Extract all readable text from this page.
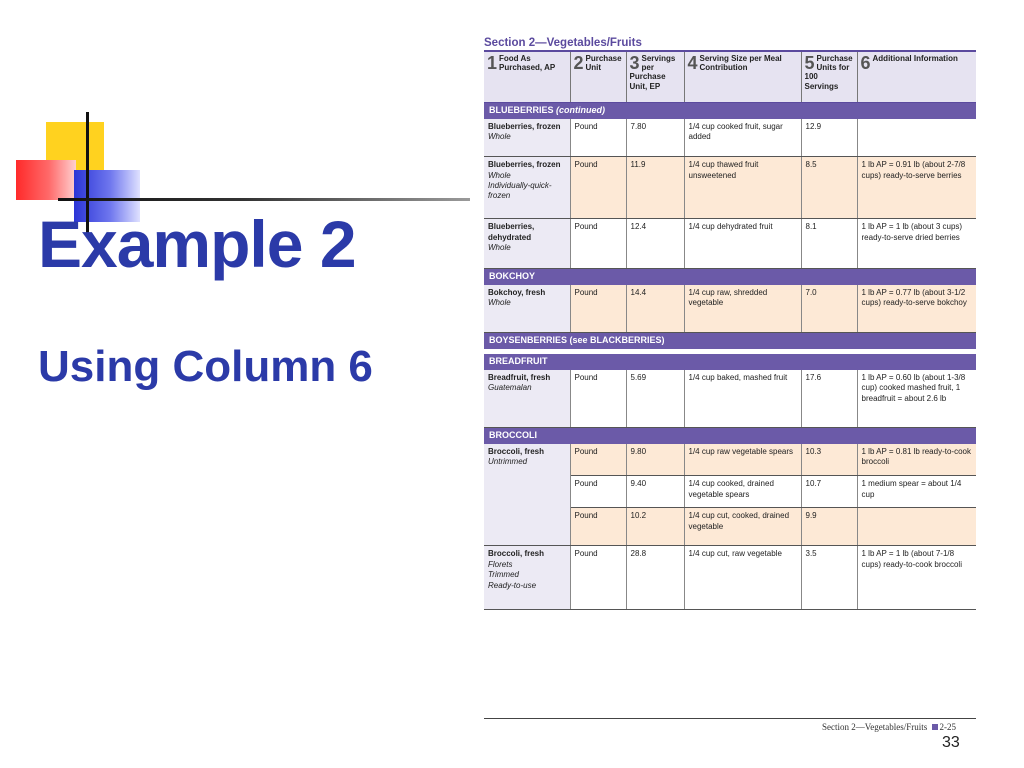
Example 2
Using Column 6
Section 2—Vegetables/Fruits
1 Food As Purchased, AP	2 Purchase Unit	3 Servings per Purchase Unit, EP	4 Serving Size per Meal Contribution	5 Purchase Units for 100 Servings	6 Additional Information
BLUEBERRIES (continued)					

Blueberries, frozen
Whole	Pound	7.80	1/4 cup cooked fruit, sugar added	12.9	

Blueberries, frozen
Whole
Individually-quick-frozen	Pound	11.9	1/4 cup thawed fruit unsweetened	8.5	1 lb AP = 0.91 lb (about 2-7/8 cups) ready-to-serve berries

Blueberries, dehydrated
Whole	Pound	12.4	1/4 cup dehydrated fruit	8.1	1 lb AP = 1 lb (about 3 cups) ready-to-serve dried berries
BOKCHOY					

Bokchoy, fresh
Whole	Pound	14.4	1/4 cup raw, shredded vegetable	7.0	1 lb AP = 0.77 lb (about 3-1/2 cups) ready-to-serve bokchoy
BOYSENBERRIES (see BLACKBERRIES)					
BREADFRUIT					

Breadfruit, fresh
Guatemalan	Pound	5.69	1/4 cup baked, mashed fruit	17.6	1 lb AP = 0.60 lb (about 1-3/8 cup) cooked mashed fruit, 1 breadfruit = about 2.6 lb
BROCCOLI					

Broccoli, fresh
Untrimmed	Pound	9.80	1/4 cup raw vegetable spears	10.3	1 lb AP = 0.81 lb ready-to-cook broccoli
	Pound	9.40	1/4 cup cooked, drained vegetable spears	10.7	1 medium spear = about 1/4 cup
	Pound	10.2	1/4 cup cut, cooked, drained vegetable	9.9	

Broccoli, fresh
Florets
Trimmed
Ready-to-use	Pound	28.8	1/4 cup cut, raw vegetable	3.5	1 lb AP = 1 lb (about 7-1/8 cups) ready-to-cook broccoli
Section 2—Vegetables/Fruits 2-25
33
